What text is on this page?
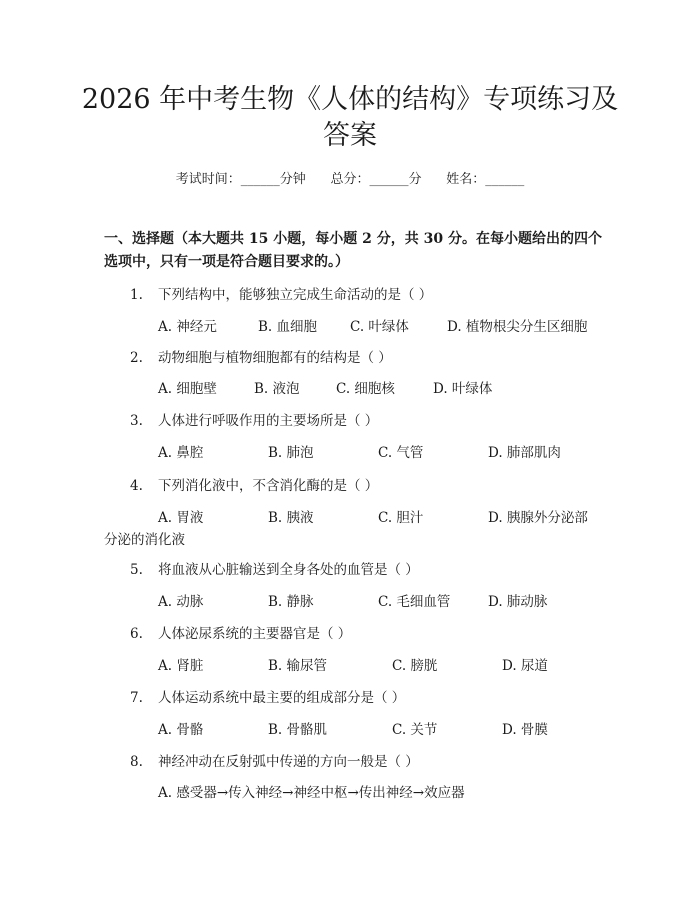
2026 年中考生物《人体的结构》专项练习及答案
考试时间：______分钟      总分：______分      姓名：______

一、选择题（本大题共 15 小题，每小题 2 分，共 30 分。在每小题给出的四个选项中，只有一项是符合题目要求的。）

1. 下列结构中，能够独立完成生命活动的是（ ）
A. 神经元	B. 血细胞 C. 叶绿体	D. 植物根尖分生区细胞
2. 动物细胞与植物细胞都有的结构是（ ）
A. 细胞壁	B. 液泡	C. 细胞核	D. 叶绿体
3. 人体进行呼吸作用的主要场所是（ ）
A. 鼻腔	B. 肺泡	C. 气管	D. 肺部肌肉
4. 下列消化液中，不含消化酶的是（ ）
A. 胃液	B. 胰液	C. 胆汁	D. 胰腺外分泌部
分泌的消化液
5. 将血液从心脏输送到全身各处的血管是（ ）
A. 动脉	B. 静脉	C. 毛细血管	D. 肺动脉
6. 人体泌尿系统的主要器官是（ ）
A. 肾脏	B. 输尿管	C. 膀胱	D. 尿道
7. 人体运动系统中最主要的组成部分是（ ）
A. 骨骼	B. 骨骼肌	C. 关节	D. 骨膜
8. 神经冲动在反射弧中传递的方向一般是（ ）
A. 感受器→传入神经→神经中枢→传出神经→效应器
